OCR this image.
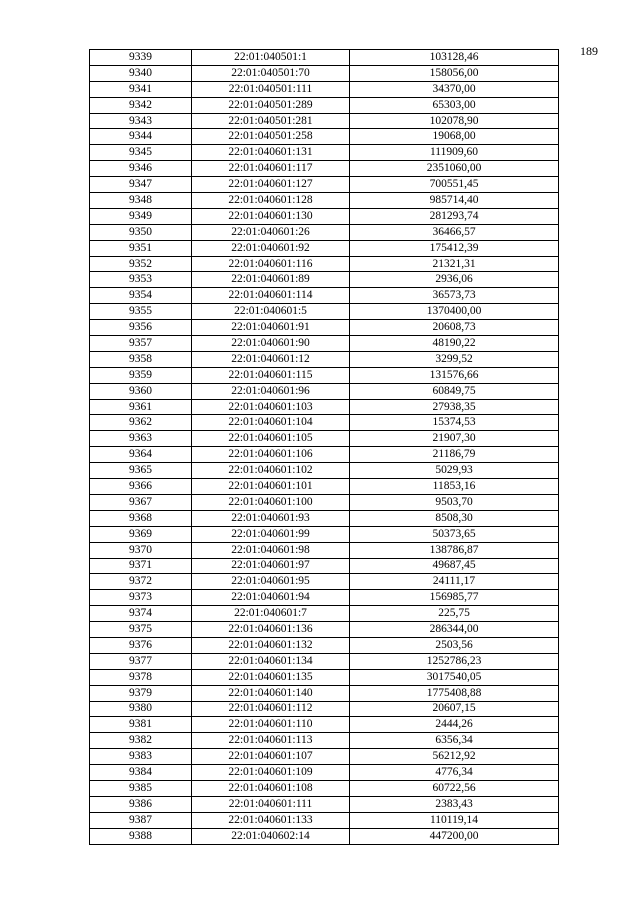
189
9339	22:01:040501:1	103128,46
9340	22:01:040501:70	158056,00
9341	22:01:040501:111	34370,00
9342	22:01:040501:289	65303,00
9343	22:01:040501:281	102078,90
9344	22:01:040501:258	19068,00
9345	22:01:040601:131	111909,60
9346	22:01:040601:117	2351060,00
9347	22:01:040601:127	700551,45
9348	22:01:040601:128	985714,40
9349	22:01:040601:130	281293,74
9350	22:01:040601:26	36466,57
9351	22:01:040601:92	175412,39
9352	22:01:040601:116	21321,31
9353	22:01:040601:89	2936,06
9354	22:01:040601:114	36573,73
9355	22:01:040601:5	1370400,00
9356	22:01:040601:91	20608,73
9357	22:01:040601:90	48190,22
9358	22:01:040601:12	3299,52
9359	22:01:040601:115	131576,66
9360	22:01:040601:96	60849,75
9361	22:01:040601:103	27938,35
9362	22:01:040601:104	15374,53
9363	22:01:040601:105	21907,30
9364	22:01:040601:106	21186,79
9365	22:01:040601:102	5029,93
9366	22:01:040601:101	11853,16
9367	22:01:040601:100	9503,70
9368	22:01:040601:93	8508,30
9369	22:01:040601:99	50373,65
9370	22:01:040601:98	138786,87
9371	22:01:040601:97	49687,45
9372	22:01:040601:95	24111,17
9373	22:01:040601:94	156985,77
9374	22:01:040601:7	225,75
9375	22:01:040601:136	286344,00
9376	22:01:040601:132	2503,56
9377	22:01:040601:134	1252786,23
9378	22:01:040601:135	3017540,05
9379	22:01:040601:140	1775408,88
9380	22:01:040601:112	20607,15
9381	22:01:040601:110	2444,26
9382	22:01:040601:113	6356,34
9383	22:01:040601:107	56212,92
9384	22:01:040601:109	4776,34
9385	22:01:040601:108	60722,56
9386	22:01:040601:111	2383,43
9387	22:01:040601:133	110119,14
9388	22:01:040602:14	447200,00
